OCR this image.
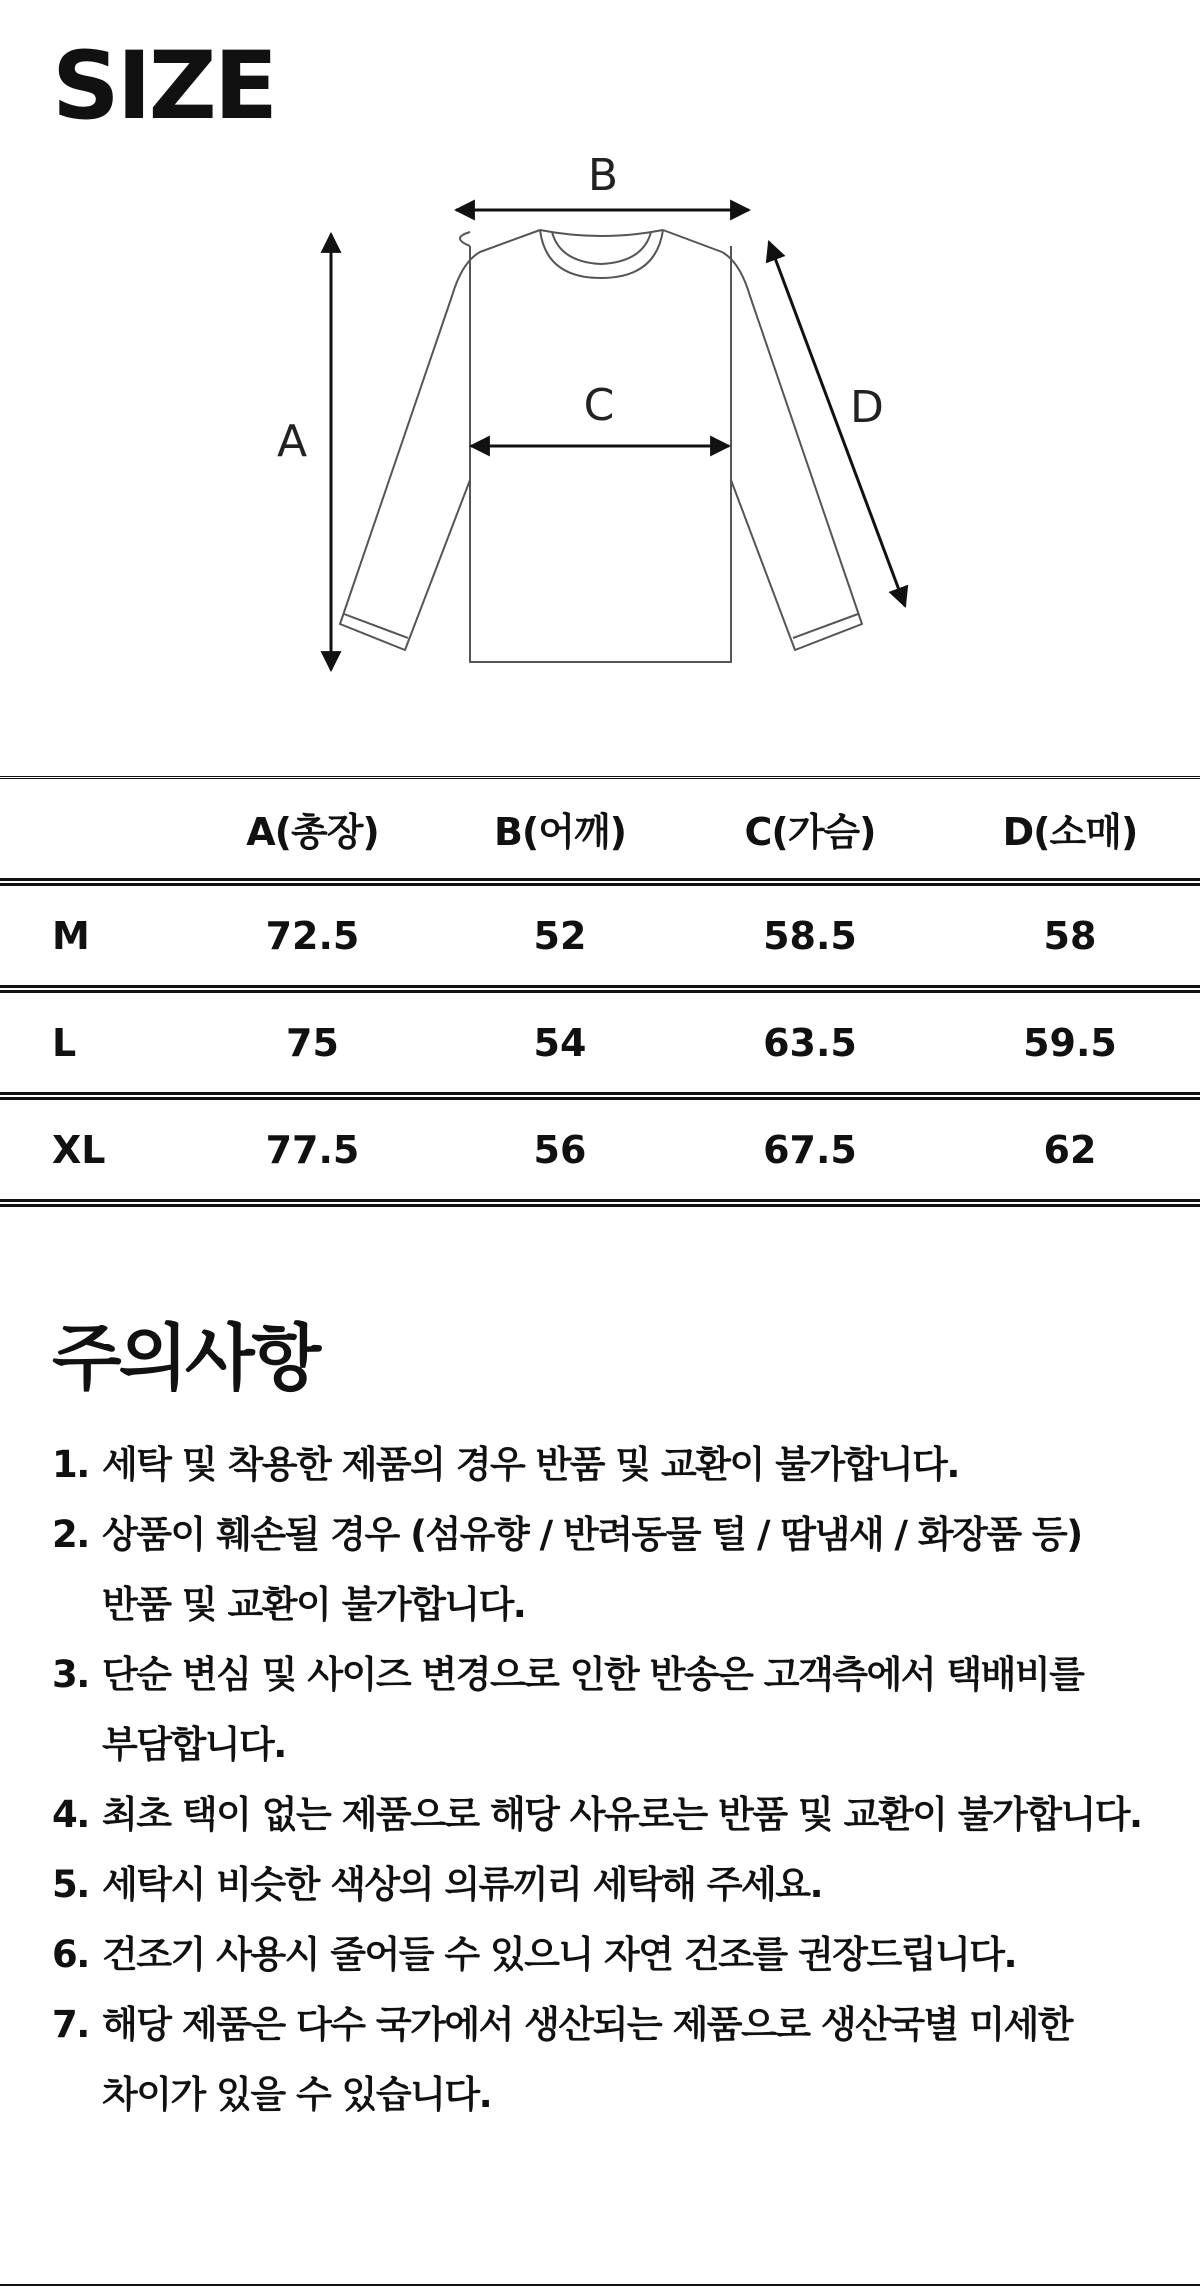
SIZE
A
B
C	D
	A(총장)	B(어깨)	C(가슴)	D(소매)
M	72.5	52	58.5	58
L	75	54	63.5	59.5
XL	77.5	56	67.5	62
주의사항
1. 세탁 및 착용한 제품의 경우 반품 및 교환이 불가합니다.
2. 상품이 훼손될 경우 (섬유향 / 반려동물 털 / 땀냄새 / 화장품 등)
반품 및 교환이 불가합니다.
3. 단순 변심 및 사이즈 변경으로 인한 반송은 고객측에서 택배비를
부담합니다.
4. 최초 택이 없는 제품으로 해당 사유로는 반품 및 교환이 불가합니다.
5. 세탁시 비슷한 색상의 의류끼리 세탁해 주세요.
6. 건조기 사용시 줄어들 수 있으니 자연 건조를 권장드립니다.
7. 해당 제품은 다수 국가에서 생산되는 제품으로 생산국별 미세한
차이가 있을 수 있습니다.
